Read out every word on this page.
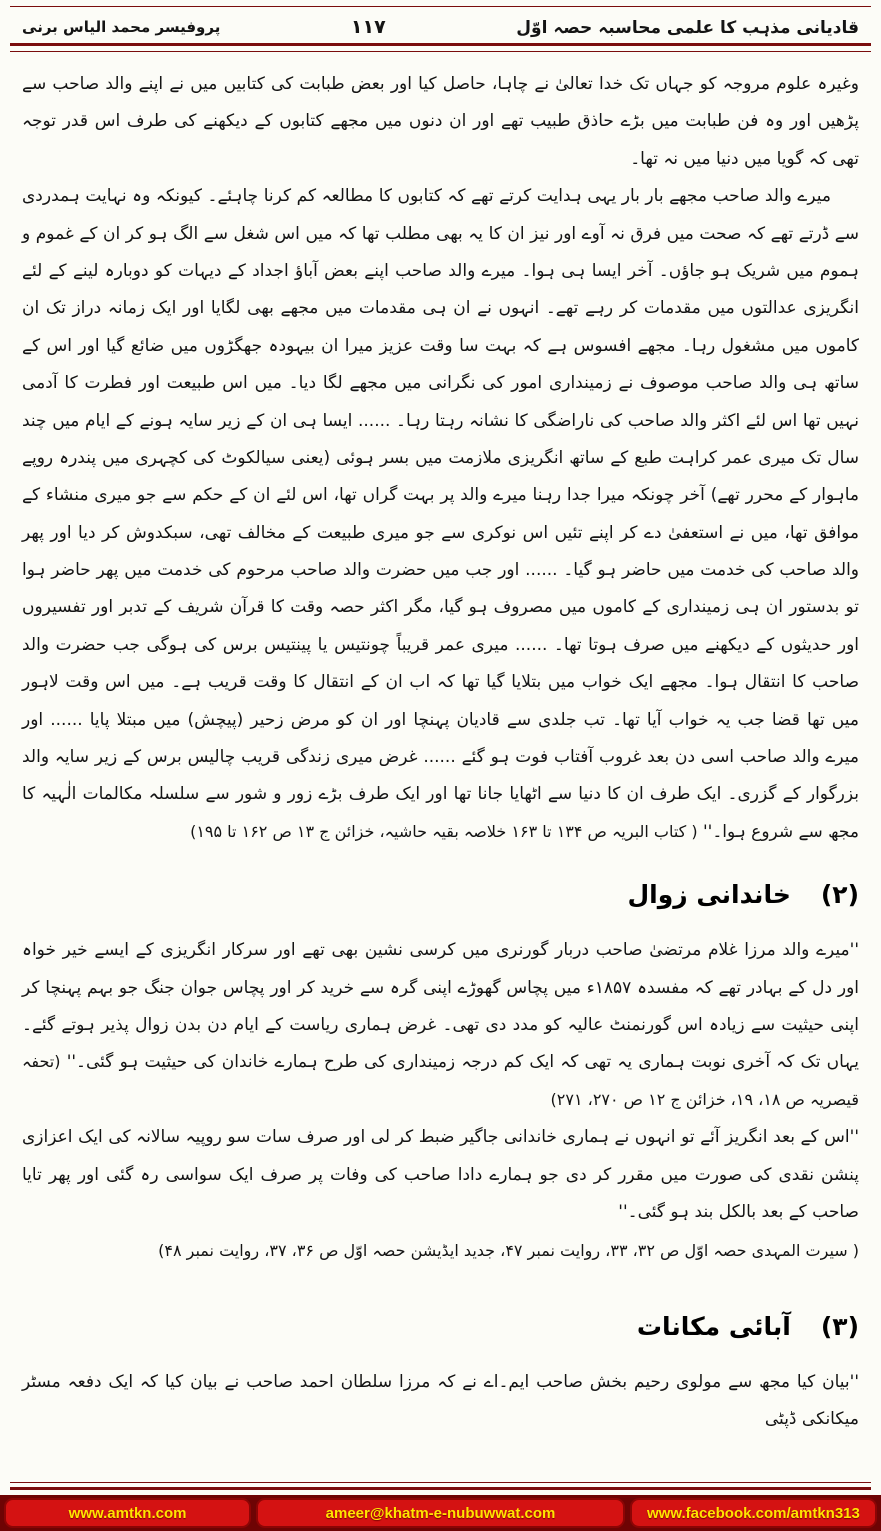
قادیانی مذہب کا علمی محاسبہ حصہ اوّل
۱۱۷
پروفیسر محمد الیاس برنی

وغیرہ علوم مروجہ کو جہاں تک خدا تعالیٰ نے چاہا، حاصل کیا اور بعض طبابت کی کتابیں میں نے اپنے والد صاحب سے پڑھیں اور وہ فن طبابت میں بڑے حاذق طبیب تھے اور ان دنوں میں مجھے کتابوں کے دیکھنے کی طرف اس قدر توجہ تھی کہ گویا میں دنیا میں نہ تھا۔

میرے والد صاحب مجھے بار بار یہی ہدایت کرتے تھے کہ کتابوں کا مطالعہ کم کرنا چاہئے۔ کیونکہ وہ نہایت ہمدردی سے ڈرتے تھے کہ صحت میں فرق نہ آوے اور نیز ان کا یہ بھی مطلب تھا کہ میں اس شغل سے الگ ہو کر ان کے غموم و ہموم میں شریک ہو جاؤں۔ آخر ایسا ہی ہوا۔ میرے والد صاحب اپنے بعض آباؤ اجداد کے دیہات کو دوبارہ لینے کے لئے انگریزی عدالتوں میں مقدمات کر رہے تھے۔ انہوں نے ان ہی مقدمات میں مجھے بھی لگایا اور ایک زمانہ دراز تک ان کاموں میں مشغول رہا۔ مجھے افسوس ہے کہ بہت سا وقت عزیز میرا ان بیہودہ جھگڑوں میں ضائع گیا اور اس کے ساتھ ہی والد صاحب موصوف نے زمینداری امور کی نگرانی میں مجھے لگا دیا۔ میں اس طبیعت اور فطرت کا آدمی نہیں تھا اس لئے اکثر والد صاحب کی ناراضگی کا نشانہ رہتا رہا۔ ...... ایسا ہی ان کے زیر سایہ ہونے کے ایام میں چند سال تک میری عمر کراہت طبع کے ساتھ انگریزی ملازمت میں بسر ہوئی (یعنی سیالکوٹ کی کچہری میں پندرہ روپے ماہوار کے محرر تھے) آخر چونکہ میرا جدا رہنا میرے والد پر بہت گراں تھا، اس لئے ان کے حکم سے جو میری منشاء کے موافق تھا، میں نے استعفیٰ دے کر اپنے تئیں اس نوکری سے جو میری طبیعت کے مخالف تھی، سبکدوش کر دیا اور پھر والد صاحب کی خدمت میں حاضر ہو گیا۔ ...... اور جب میں حضرت والد صاحب مرحوم کی خدمت میں پھر حاضر ہوا تو بدستور ان ہی زمینداری کے کاموں میں مصروف ہو گیا، مگر اکثر حصہ وقت کا قرآن شریف کے تدبر اور تفسیروں اور حدیثوں کے دیکھنے میں صرف ہوتا تھا۔ ...... میری عمر قریباً چونتیس یا پینتیس برس کی ہوگی جب حضرت والد صاحب کا انتقال ہوا۔ مجھے ایک خواب میں بتلایا گیا تھا کہ اب ان کے انتقال کا وقت قریب ہے۔ میں اس وقت لاہور میں تھا قضا جب یہ خواب آیا تھا۔ تب جلدی سے قادیان پہنچا اور ان کو مرض زحیر (پیچش) میں مبتلا پایا ...... اور میرے والد صاحب اسی دن بعد غروب آفتاب فوت ہو گئے ...... غرض میری زندگی قریب چالیس برس کے زیر سایہ والد بزرگوار کے گزری۔ ایک طرف ان کا دنیا سے اٹھایا جانا تھا اور ایک طرف بڑے زور و شور سے سلسلہ مکالمات الٰہیہ کا مجھ سے شروع ہوا۔'' ( کتاب البریہ ص ۱۳۴ تا ۱۶۳ خلاصہ بقیہ حاشیہ، خزائن ج ۱۳ ص ۱۶۲ تا ۱۹۵)

(۲)
خاندانی زوال

''میرے والد مرزا غلام مرتضیٰ صاحب دربار گورنری میں کرسی نشین بھی تھے اور سرکار انگریزی کے ایسے خیر خواہ اور دل کے بہادر تھے کہ مفسدہ ۱۸۵۷ء میں پچاس گھوڑے اپنی گرہ سے خرید کر اور پچاس جوان جنگ جو بہم پہنچا کر اپنی حیثیت سے زیادہ اس گورنمنٹ عالیہ کو مدد دی تھی۔ غرض ہماری ریاست کے ایام دن بدن زوال پذیر ہوتے گئے۔ یہاں تک کہ آخری نوبت ہماری یہ تھی کہ ایک کم درجہ زمینداری کی طرح ہمارے خاندان کی حیثیت ہو گئی۔'' (تحفہ قیصریہ ص ۱۸، ۱۹، خزائن ج ۱۲ ص ۲۷۰، ۲۷۱)

''اس کے بعد انگریز آئے تو انہوں نے ہماری خاندانی جاگیر ضبط کر لی اور صرف سات سو روپیہ سالانہ کی ایک اعزازی پنشن نقدی کی صورت میں مقرر کر دی جو ہمارے دادا صاحب کی وفات پر صرف ایک سواسی رہ گئی اور پھر تایا صاحب کے بعد بالکل بند ہو گئی۔''

( سیرت المہدی حصہ اوّل ص ۳۲، ۳۳، روایت نمبر ۴۷، جدید ایڈیشن حصہ اوّل ص ۳۶، ۳۷، روایت نمبر ۴۸)
(۳)
آبائی مکانات

''بیان کیا مجھ سے مولوی رحیم بخش صاحب ایم۔اے نے کہ مرزا سلطان احمد صاحب نے بیان کیا کہ ایک دفعہ مسٹر میکانکی ڈپٹی

www.amtkn.com	ameer@khatm-e-nubuwwat.com	www.facebook.com/amtkn313
